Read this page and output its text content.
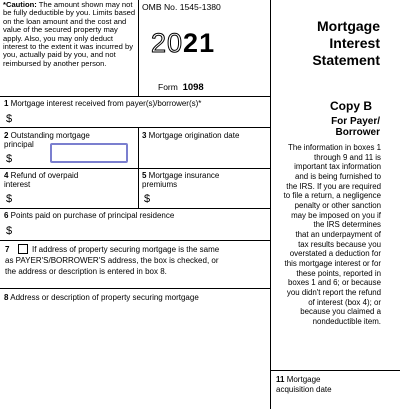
*Caution: The amount shown may not be fully deductible by you. Limits based on the loan amount and the cost and value of the secured property may apply. Also, you may only deduct interest to the extent it was incurred by you, actually paid by you, and not reimbursed by another person.
OMB No. 1545-1380
2021
Form 1098
Mortgage
Interest
Statement
Copy B
For Payer/
Borrower
The information in boxes 1
through 9 and 11 is
important tax information
and is being furnished to
the IRS. If you are required
to file a return, a negligence
penalty or other sanction
may be imposed on you if
the IRS determines
that an underpayment of
tax results because you
overstated a deduction for
this mortgage interest or for
these points, reported in
boxes 1 and 6; or because
you didn't report the refund
of interest (box 4); or
because you claimed a
nondeductible item.
1 Mortgage interest received from payer(s)/borrower(s)*
$
2 Outstanding mortgage
principal
$
3 Mortgage origination date
4 Refund of overpaid
interest
$
5 Mortgage insurance
premiums
$
6 Points paid on purchase of principal residence
$
7	If address of property securing mortgage is the same
as PAYER'S/BORROWER'S address, the box is checked, or
the address or description is entered in box 8.
8 Address or description of property securing mortgage
11 Mortgage
acquisition date
